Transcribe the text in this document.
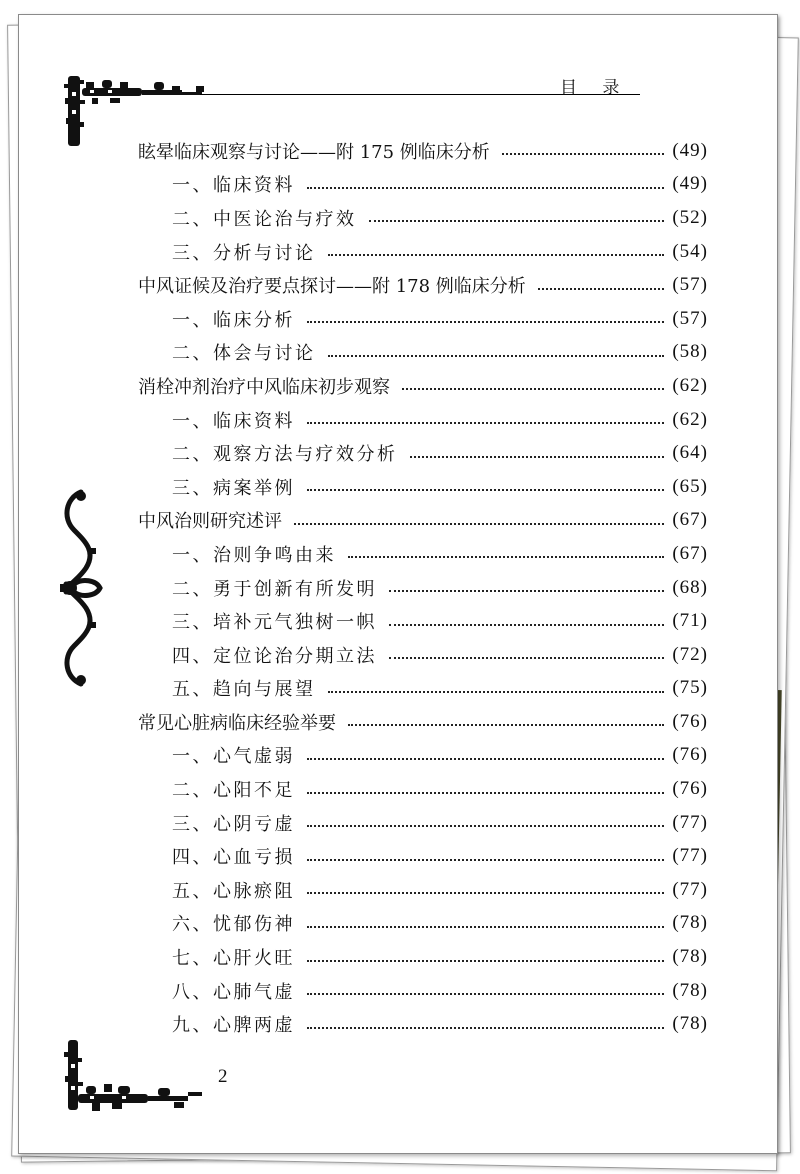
目 录
眩晕临床观察与讨论——附 175 例临床分析	(49)
一、临床资料	(49)
二、中医论治与疗效	(52)
三、分析与讨论	(54)
中风证候及治疗要点探讨——附 178 例临床分析	(57)
一、临床分析	(57)
二、体会与讨论	(58)
消栓冲剂治疗中风临床初步观察	(62)
一、临床资料	(62)
二、观察方法与疗效分析	(64)
三、病案举例	(65)
中风治则研究述评	(67)
一、治则争鸣由来	(67)
二、勇于创新有所发明	(68)
三、培补元气独树一帜	(71)
四、定位论治分期立法	(72)
五、趋向与展望	(75)
常见心脏病临床经验举要	(76)
一、心气虚弱	(76)
二、心阳不足	(76)
三、心阴亏虚	(77)
四、心血亏损	(77)
五、心脉瘀阻	(77)
六、忧郁伤神	(78)
七、心肝火旺	(78)
八、心肺气虚	(78)
九、心脾两虚	(78)
2
